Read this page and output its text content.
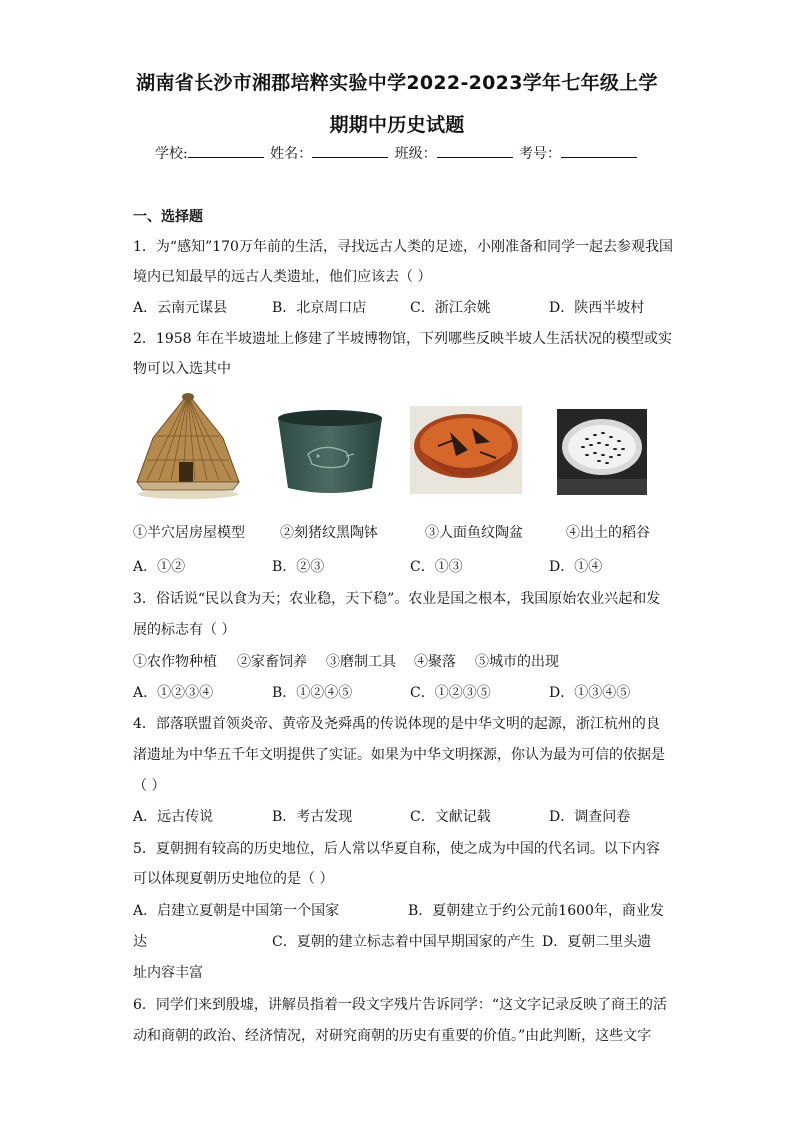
湖南省长沙市湘郡培粹实验中学2022-2023学年七年级上学
期期中历史试题
学校:	姓名：	班级：	考号：
一、选择题
1．为“感知”170万年前的生活，寻找远古人类的足迹，小刚准备和同学一起去参观我国
境内已知最早的远古人类遗址，他们应该去（ ）
A．云南元谋县	B．北京周口店	C．浙江余姚	D．陕西半坡村
2．1958 年在半坡遗址上修建了半坡博物馆，下列哪些反映半坡人生活状况的模型或实
物可以入选其中
①半穴居房屋模型	②刻猪纹黑陶钵	③人面鱼纹陶盆	④出土的稻谷
A．①②	B．②③	C．①③	D．①④
3．俗话说“民以食为天；农业稳，天下稳”。农业是国之根本，我国原始农业兴起和发
展的标志有（ ）
①农作物种植 ②家畜饲养 ③磨制工具 ④聚落 ⑤城市的出现
A．①②③④	B．①②④⑤	C．①②③⑤	D．①③④⑤
4．部落联盟首领炎帝、黄帝及尧舜禹的传说体现的是中华文明的起源，浙江杭州的良
渚遗址为中华五千年文明提供了实证。如果为中华文明探源，你认为最为可信的依据是
（ ）
A．远古传说	B．考古发现	C．文献记载	D．调查问卷
5．夏朝拥有较高的历史地位，后人常以华夏自称，使之成为中国的代名词。以下内容
可以体现夏朝历史地位的是（ ）
A．启建立夏朝是中国第一个国家	B．夏朝建立于约公元前1600年，商业发
达	C．夏朝的建立标志着中国早期国家的产生 D．夏朝二里头遗
址内容丰富
6．同学们来到殷墟，讲解员指着一段文字残片告诉同学：“这文字记录反映了商王的活
动和商朝的政治、经济情况，对研究商朝的历史有重要的价值。”由此判断，这些文字
